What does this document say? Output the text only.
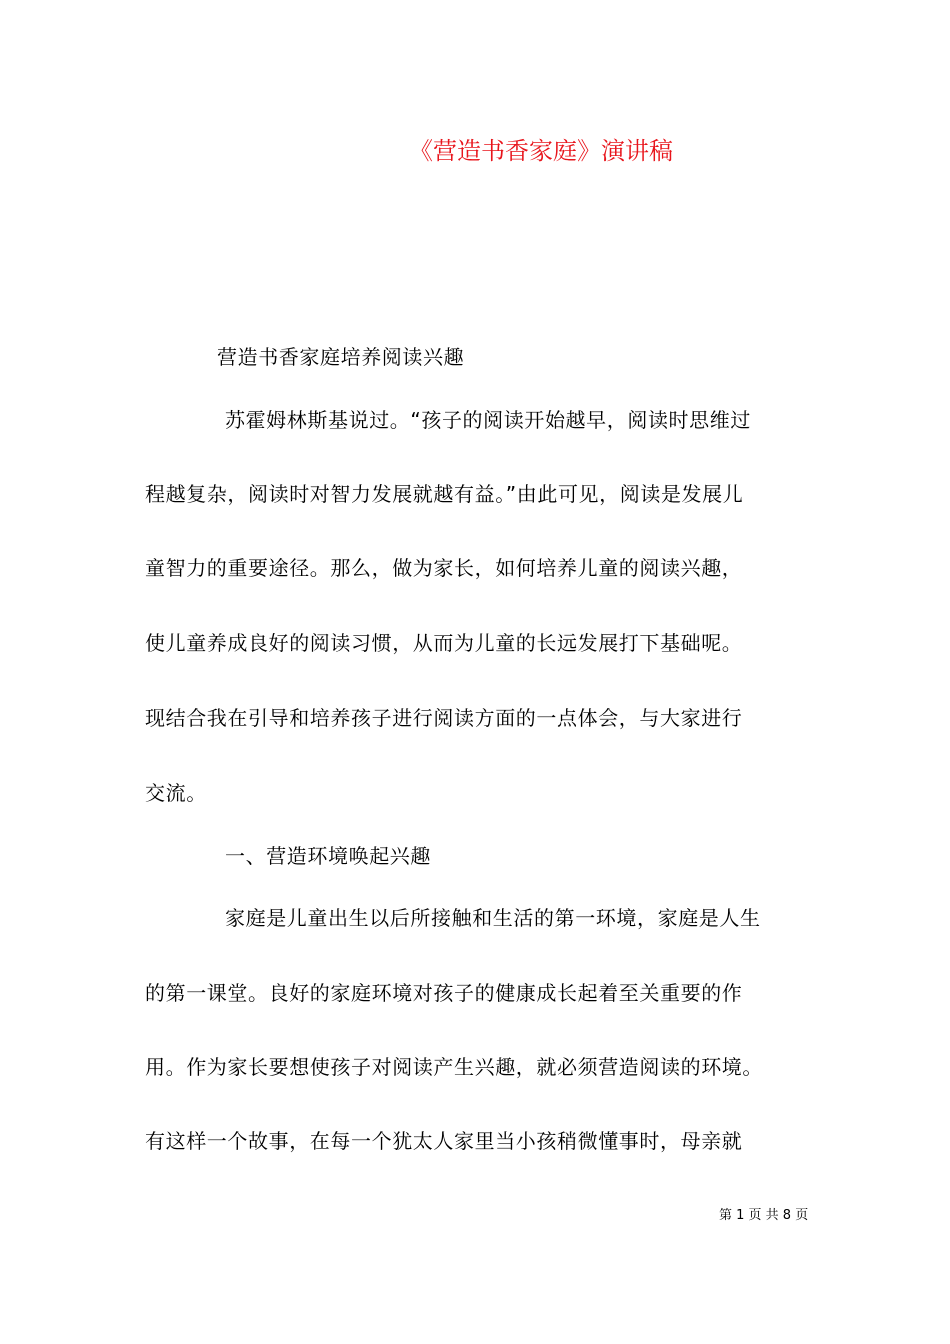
《营造书香家庭》演讲稿
营造书香家庭培养阅读兴趣
苏霍姆林斯基说过。“孩子的阅读开始越早，阅读时思维过
程越复杂，阅读时对智力发展就越有益。”由此可见，阅读是发展儿
童智力的重要途径。那么，做为家长，如何培养儿童的阅读兴趣，
使儿童养成良好的阅读习惯，从而为儿童的长远发展打下基础呢。
现结合我在引导和培养孩子进行阅读方面的一点体会，与大家进行
交流。
一、营造环境唤起兴趣
家庭是儿童出生以后所接触和生活的第一环境，家庭是人生
的第一课堂。良好的家庭环境对孩子的健康成长起着至关重要的作
用。作为家长要想使孩子对阅读产生兴趣，就必须营造阅读的环境。
有这样一个故事，在每一个犹太人家里当小孩稍微懂事时，母亲就
第 1 页 共 8 页
